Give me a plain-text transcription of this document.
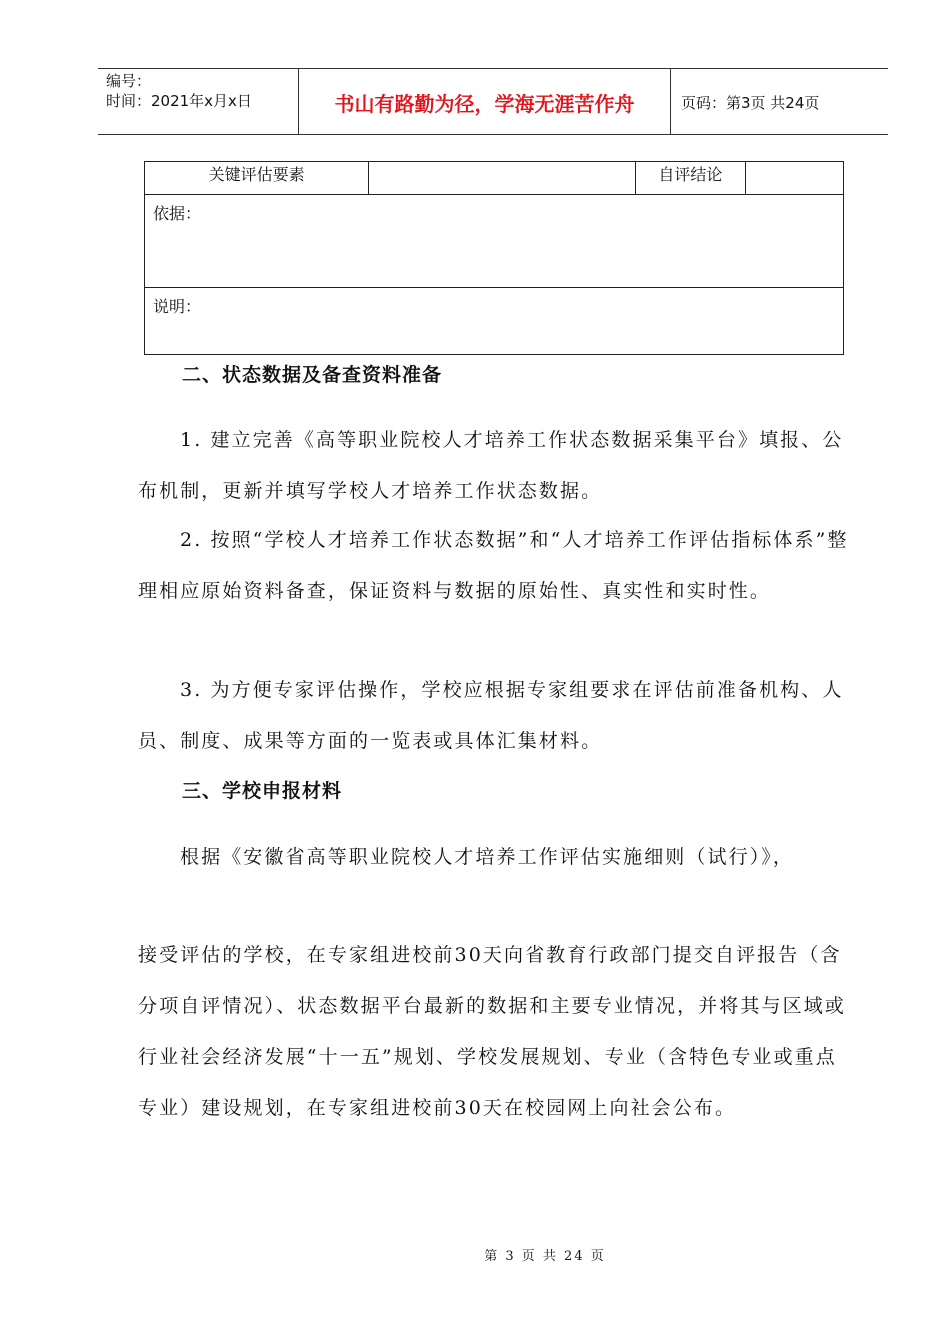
编号：
时间：2021年x月x日	书山有路勤为径，学海无涯苦作舟	页码：第3页 共24页
关键评估要素		自评结论	
依据：
说明：
二、状态数据及备查资料准备

1. 建立完善《高等职业院校人才培养工作状态数据采集平台》填报、公布机制，更新并填写学校人才培养工作状态数据。

2. 按照“学校人才培养工作状态数据”和“人才培养工作评估指标体系”整理相应原始资料备查，保证资料与数据的原始性、真实性和实时性。

3. 为方便专家评估操作，学校应根据专家组要求在评估前准备机构、人员、制度、成果等方面的一览表或具体汇集材料。

三、学校申报材料

根据《安徽省高等职业院校人才培养工作评估实施细则（试行）》，

接受评估的学校，在专家组进校前30天向省教育行政部门提交自评报告（含分项自评情况）、状态数据平台最新的数据和主要专业情况，并将其与区域或行业社会经济发展“十一五”规划、学校发展规划、专业（含特色专业或重点专业）建设规划，在专家组进校前30天在校园网上向社会公布。

第 3 页 共 24 页
